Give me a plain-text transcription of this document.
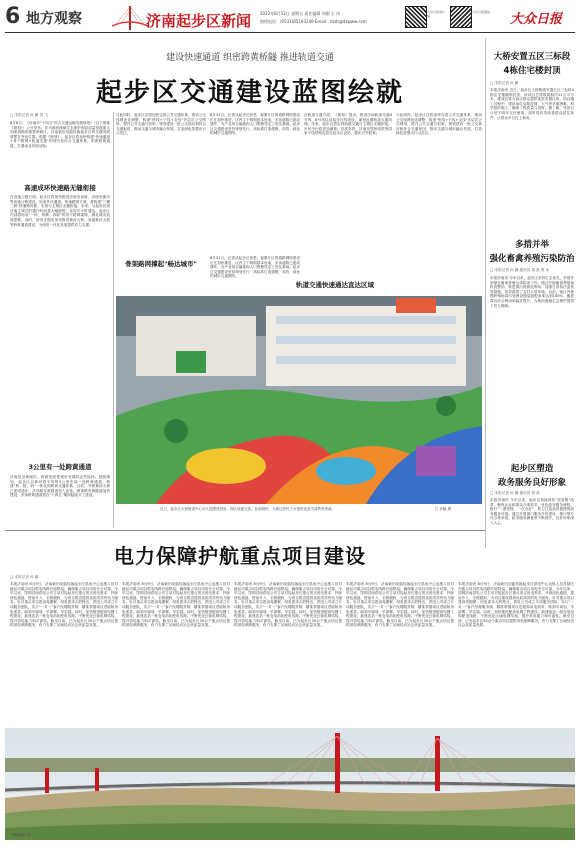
6 地方观察	济南起步区新闻 2022年8月12日 星期五 责任编辑 刘刚 王 凤
热线电话：(0531)85193249 Email：dzrb@dzwww.com
大众日报客户端
大众日报微信 大众日报
建设快速通道 织密跨黄桥隧 推进轨道交通
起步区交通建设蓝图绘就
□ 本报记者 孙 鹏 刘 飞
8月8日，《济南市"十四五"综合交通运输发展规划》（以下简称《规划》）公开发布。作为黄河流域生态保护和高质量发展重大国家战略的重要承载区，济南新旧动能转换起步区的交通发展被摆在突出位置。根据《规划》，起步区将加快构建"快速通道+骨干路网+轨道交通"的现代化综合交通体系，织密跨黄通道，打通南北发展动脉。
高速成环快速路无缝衔接
在高速公路方面，起步区将加快推进济南至高唐、济南至潍坊等高速公路建设，形成外环通道；快速路网方面，将构建"三横三纵"快速路体系，实现与主城区无缝衔接。未来，从起步区到济南主城区的通行时间将大幅缩短，实现半小时通达。起步区内部将形成"一环、两横、四纵"的骨干路网架构，满足城市拓展需要。同时，规划还提出加快推进黄河大桥、凤凰黄河大桥等跨黄通道建设，为两岸一体化发展提供有力支撑。
3公里有一处跨黄通道
济南是沿黄城市，跨黄发展是城市发展的必然选择。按照规划，起步区沿黄河将平均每3公里布局一处跨黄通道，构建"桥、隧、轨"一体化的跨黄交通体系。目前，齐鲁黄河大桥已建成通车，济泺路穿黄隧道投入运营，黄岗路穿黄隧道加快建设，多条跨黄通道将在"十四五"期间陆续开工建设。
与此同时，起步区还将加快完善公共交通体系，推动公交线网优化调整，构建"快线+干线+支线"多层次公交网络，提升公共交通分担率。规划建设一批公交场站和综合交通枢纽，推动交通与城市融合发展，打造绿色智慧出行示范区。
骨架路网撑起"畅达城市"
8月31日，记者从起步区获悉，崔寨片区的道路网络建设正在加快推进，区内主干路网基本形成，多条道路已建成通车，为产业项目落地和人口集聚奠定了坚实基础。起步区交通建设坚持规划先行，高标准打造便捷、高效、绿色的城市交通网络。
8月31日，记者从起步区获悉，崔寨片区的道路网络建设正在加快推进，区内主干路网基本形成，多条道路已建成通车，为产业项目落地和人口集聚奠定了坚实基础。起步区交通建设坚持规划先行，高标准打造便捷、高效、绿色的城市交通网络。
在轨道交通方面，《规划》提出，推进济南轨道交通4号线、6号线以及起步区线建设，谋划远期轨道交通线网。未来，起步区将实现轨道交通与主城区无缝衔接，市民出行将更加便捷。济滨高铁、济南至郑州高铁等国家干线铁路也将在起步区设站，强化对外联系。
轨道交通快速通达直达区域
与此同时，起步区还将加快完善公共交通体系，推动公交线网优化调整，构建"快线+干线+支线"多层次公交网络，提升公共交通分担率。规划建设一批公交场站和综合交通枢纽，推动交通与城市融合发展，打造绿色智慧出行示范区。
近日，起步区大桥街道中心幼儿园建成投用，园区设施完善、色彩明快，为周边居民子女提供优质学前教育资源。	□ 孙鹏 摄
大桥安置五区三标段
4栋住宅楼封顶
□ 本报记者 孙 鹏
本报济南讯 近日，起步区大桥街道安置五区三标段4栋住宅楼顺利封顶。该项目总建筑面积约12万平方米，建成后将为拆迁群众提供优质安置住房。项目施工过程中，建设单位克服疫情、天气等多重困难，科学组织施工，确保工程质量与进度。据了解，该项目计划于明年交付使用，届时将有效改善群众居住条件，让群众早日住上新房。
多措并举
强化畜禽养殖污染防治
□ 本报记者 孙 鹏 通讯员 周 凯 鲁 冰
本报济南讯 今年以来，起步区坚持生态优先，多措并举强化畜禽养殖污染防治工作。通过开展畜禽养殖场排查整治、推进粪污资源化利用、加强日常执法监管等措施，有效改善了农村人居环境。目前，辖区内规模养殖场粪污处理设施装备配套率达到100%，畜禽粪污综合利用率稳步提升，为黄河流域生态保护提供了有力保障。
起步区塑造
政务服务良好形象
□ 本报记者 孙 鹏 通讯员 周 凯
本报济南讯 今年以来，起步区持续深化"放管服"改革，聚焦企业和群众办事需求，优化政务服务流程，推行"一窗受理、一次办好"，着力打造高效便捷的政务服务环境。通过开展窗口服务作风建设、推行帮办代办等举措，政务服务满意度不断提升，良好形象深入人心。
电力保障护航重点项目建设
□ 本报记者 孙 鹏
本报济南讯 8月9日，济南新旧动能转换起步区供电中心运维人员对辖区内重点项目供电线路开展特巡，确保重点项目用电安全可靠。今年以来，国网济南供电公司主动对接起步区重点项目用电需求，开辟绿色通道，提前介入、全程跟踪，为项目建设提供优质高效的电力服务。针对重点项目建设周期紧、用电需求大的特点，供电公司成立专项服务团队，实行"一对一"客户经理服务制，精准掌握项目进展和用电需求，做到早谋划、早部署、早实施。同时，加快推进配套电网工程建设，新建改造一批变电站和配电线路，不断优化区域电网结构，提升供电能力和可靠性。截至目前，已为起步区30余个重点项目提供用电保障服务，有力支撑了区域经济社会高质量发展。
本报济南讯 8月9日，济南新旧动能转换起步区供电中心运维人员对辖区内重点项目供电线路开展特巡，确保重点项目用电安全可靠。今年以来，国网济南供电公司主动对接起步区重点项目用电需求，开辟绿色通道，提前介入、全程跟踪，为项目建设提供优质高效的电力服务。针对重点项目建设周期紧、用电需求大的特点，供电公司成立专项服务团队，实行"一对一"客户经理服务制，精准掌握项目进展和用电需求，做到早谋划、早部署、早实施。同时，加快推进配套电网工程建设，新建改造一批变电站和配电线路，不断优化区域电网结构，提升供电能力和可靠性。截至目前，已为起步区30余个重点项目提供用电保障服务，有力支撑了区域经济社会高质量发展。
本报济南讯 8月9日，济南新旧动能转换起步区供电中心运维人员对辖区内重点项目供电线路开展特巡，确保重点项目用电安全可靠。今年以来，国网济南供电公司主动对接起步区重点项目用电需求，开辟绿色通道，提前介入、全程跟踪，为项目建设提供优质高效的电力服务。针对重点项目建设周期紧、用电需求大的特点，供电公司成立专项服务团队，实行"一对一"客户经理服务制，精准掌握项目进展和用电需求，做到早谋划、早部署、早实施。同时，加快推进配套电网工程建设，新建改造一批变电站和配电线路，不断优化区域电网结构，提升供电能力和可靠性。截至目前，已为起步区30余个重点项目提供用电保障服务，有力支撑了区域经济社会高质量发展。
本报济南讯 8月9日，济南新旧动能转换起步区供电中心运维人员对辖区内重点项目供电线路开展特巡，确保重点项目用电安全可靠。今年以来，国网济南供电公司主动对接起步区重点项目用电需求，开辟绿色通道，提前介入、全程跟踪，为项目建设提供优质高效的电力服务。针对重点项目建设周期紧、用电需求大的特点，供电公司成立专项服务团队，实行"一对一"客户经理服务制，精准掌握项目进展和用电需求，做到早谋划、早部署、早实施。同时，加快推进配套电网工程建设，新建改造一批变电站和配电线路，不断优化区域电网结构，提升供电能力和可靠性。截至目前，已为起步区30余个重点项目提供用电保障服务，有力支撑了区域经济社会高质量发展。
本报济南讯 8月9日，济南新旧动能转换起步区供电中心运维人员对辖区内重点项目供电线路开展特巡，确保重点项目用电安全可靠。今年以来，国网济南供电公司主动对接起步区重点项目用电需求，开辟绿色通道，提前介入、全程跟踪，为项目建设提供优质高效的电力服务。针对重点项目建设周期紧、用电需求大的特点，供电公司成立专项服务团队，实行"一对一"客户经理服务制，精准掌握项目进展和用电需求，做到早谋划、早部署、早实施。同时，加快推进配套电网工程建设，新建改造一批变电站和配电线路，不断优化区域电网结构，提升供电能力和可靠性。截至目前，已为起步区30余个重点项目提供用电保障服务，有力支撑了区域经济社会高质量发展。
齐鲁黄河大桥
